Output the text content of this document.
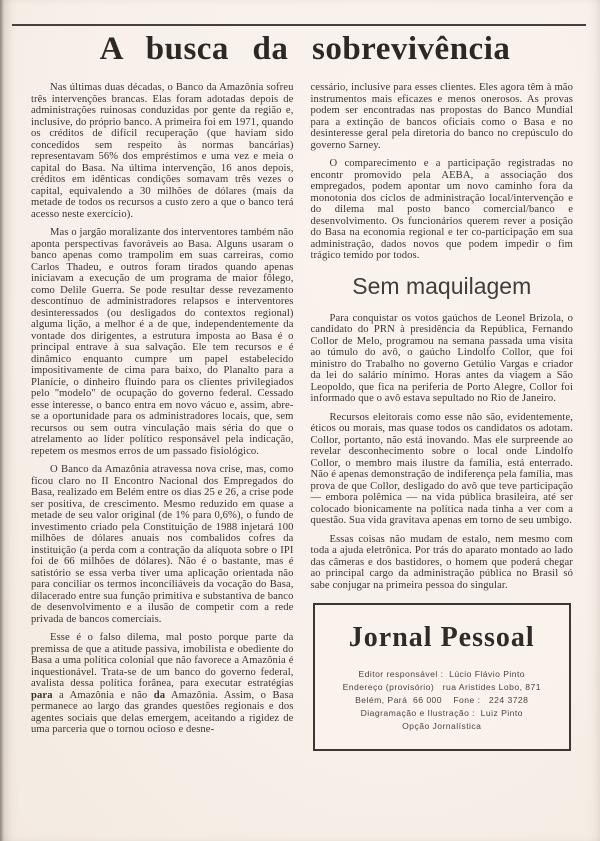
A busca da sobrevivência

Nas últimas duas décadas, o Banco da Amazônia sofreu três intervenções brancas. Elas foram adotadas depois de administrações ruinosas conduzidas por gente da região e, inclusive, do próprio banco. A primeira foi em 1971, quando os créditos de difícil recuperação (que haviam sido concedidos sem respeito às normas bancárias) representavam 56% dos empréstimos e uma vez e meia o capital do Basa. Na última intervenção, 16 anos depois, créditos em idênticas condições somavam três vezes o capital, equivalendo a 30 milhões de dólares (mais da metade de todos os recursos a custo zero a que o banco terá acesso neste exercício).

Mas o jargão moralizante dos interventores também não aponta perspectivas favoráveis ao Basa. Alguns usaram o banco apenas como trampolim em suas carreiras, como Carlos Thadeu, e outros foram tirados quando apenas iniciavam a execução de um programa de maior fôlego, como Delile Guerra. Se pode resultar desse revezamento descontínuo de administradores relapsos e interventores desinteressados (ou desligados do contextos regional) alguma lição, a melhor é a de que, independentemente da vontade dos dirigentes, a estrutura imposta ao Basa é o principal entrave à sua salvação. Ele tem recursos e é dinâmico enquanto cumpre um papel estabelecido impositivamente de cima para baixo, do Planalto para a Planície, o dinheiro fluindo para os clientes privilegiados pelo ''modelo'' de ocupação do governo federal. Cessado esse interesse, o banco entra em novo vácuo e, assim, abre-se a oportunidade para os administradores locais, que, sem recursos ou sem outra vinculação mais séria do que o atrelamento ao líder político responsável pela indicação, repetem os mesmos erros de um passado fisiológico.

O Banco da Amazônia atravessa nova crise, mas, como ficou claro no II Encontro Nacional dos Empregados do Basa, realizado em Belém entre os dias 25 e 26, a crise pode ser positiva, de crescimento. Mesmo reduzido em quase a metade de seu valor original (de 1% para 0,6%), o fundo de investimento criado pela Constituição de 1988 injetará 100 milhões de dólares anuais nos combalidos cofres da instituição (a perda com a contração da alíquota sobre o IPI foi de 66 milhões de dólares). Não é o bastante, mas é satistório se essa verba tiver uma aplicação orientada não para conciliar os termos inconciliáveis da vocação do Basa, dilacerado entre sua função primitiva e substantiva de banco de desenvolvimento e a ilusão de competir com a rede privada de bancos comerciais.

Esse é o falso dilema, mal posto porque parte da premissa de que a atitude passiva, imobilista e obediente do Basa a uma política colonial que não favorece a Amazônia é inquestionável. Trata-se de um banco do governo federal, avalista dessa política forânea, para executar estratégias para a Amazônia e não da Amazônia. Assim, o Basa permanece ao largo das grandes questões regionais e dos agentes sociais que delas emergem, aceitando a rigidez de uma parceria que o tornou ocioso e desne-

cessário, inclusive para esses clientes. Eles agora têm à mão instrumentos mais eficazes e menos onerosos. As provas podem ser encontradas nas propostas do Banco Mundial para a extinção de bancos oficiais como o Basa e no desinteresse geral pela diretoria do banco no crepúsculo do governo Sarney.

O comparecimento e a participação registradas no encontr promovido pela AEBA, a associação dos empregados, podem apontar um novo caminho fora da monotonia dos ciclos de administração local/intervenção e do dilema mal posto banco comercial/banco e desenvolvimento. Os funcionários querem rever a posição do Basa na economia regional e ter co-participação em sua administração, dados novos que podem impedir o fim trágico temido por todos.

Sem maquilagem

Para conquistar os votos gaúchos de Leonel Brizola, o candidato do PRN à presidência da República, Fernando Collor de Melo, programou na semana passada uma visita ao túmulo do avô, o gaúcho Lindolfo Collor, que foi ministro do Trabalho no governo Getúlio Vargas e criador da lei do salário mínimo. Horas antes da viagem a São Leopoldo, que fica na periferia de Porto Alegre, Collor foi informado que o avô estava sepultado no Rio de Janeiro.

Recursos eleitorais como esse não são, evidentemente, éticos ou morais, mas quase todos os candidatos os adotam. Collor, portanto, não está inovando. Mas ele surpreende ao revelar desconhecimento sobre o local onde Lindolfo Collor, o membro mais ilustre da família, está enterrado. Não é apenas demonstração de indiferença pela família, mas prova de que Collor, desligado do avô que teve participação — embora polêmica — na vida pública brasileira, até ser colocado bionicamente na política nada tinha a ver com a questão. Sua vida gravitava apenas em torno de seu umbigo.

Essas coisas não mudam de estalo, nem mesmo com toda a ajuda eletrônica. Por trás do aparato montado ao lado das câmeras e dos bastidores, o homem que poderá chegar ao principal cargo da administração pública no Brasil só sabe conjugar na primeira pessoa do singular.

Jornal Pessoal
Editor responsável :  Lúcio Flávio Pinto
Endereço (provisório)   rua Aristides Lobo, 871
Belém, Pará  66 000    Fone :   224 3728
Diagramação e Ilustração :  Luiz Pinto
Opção Jornalística
